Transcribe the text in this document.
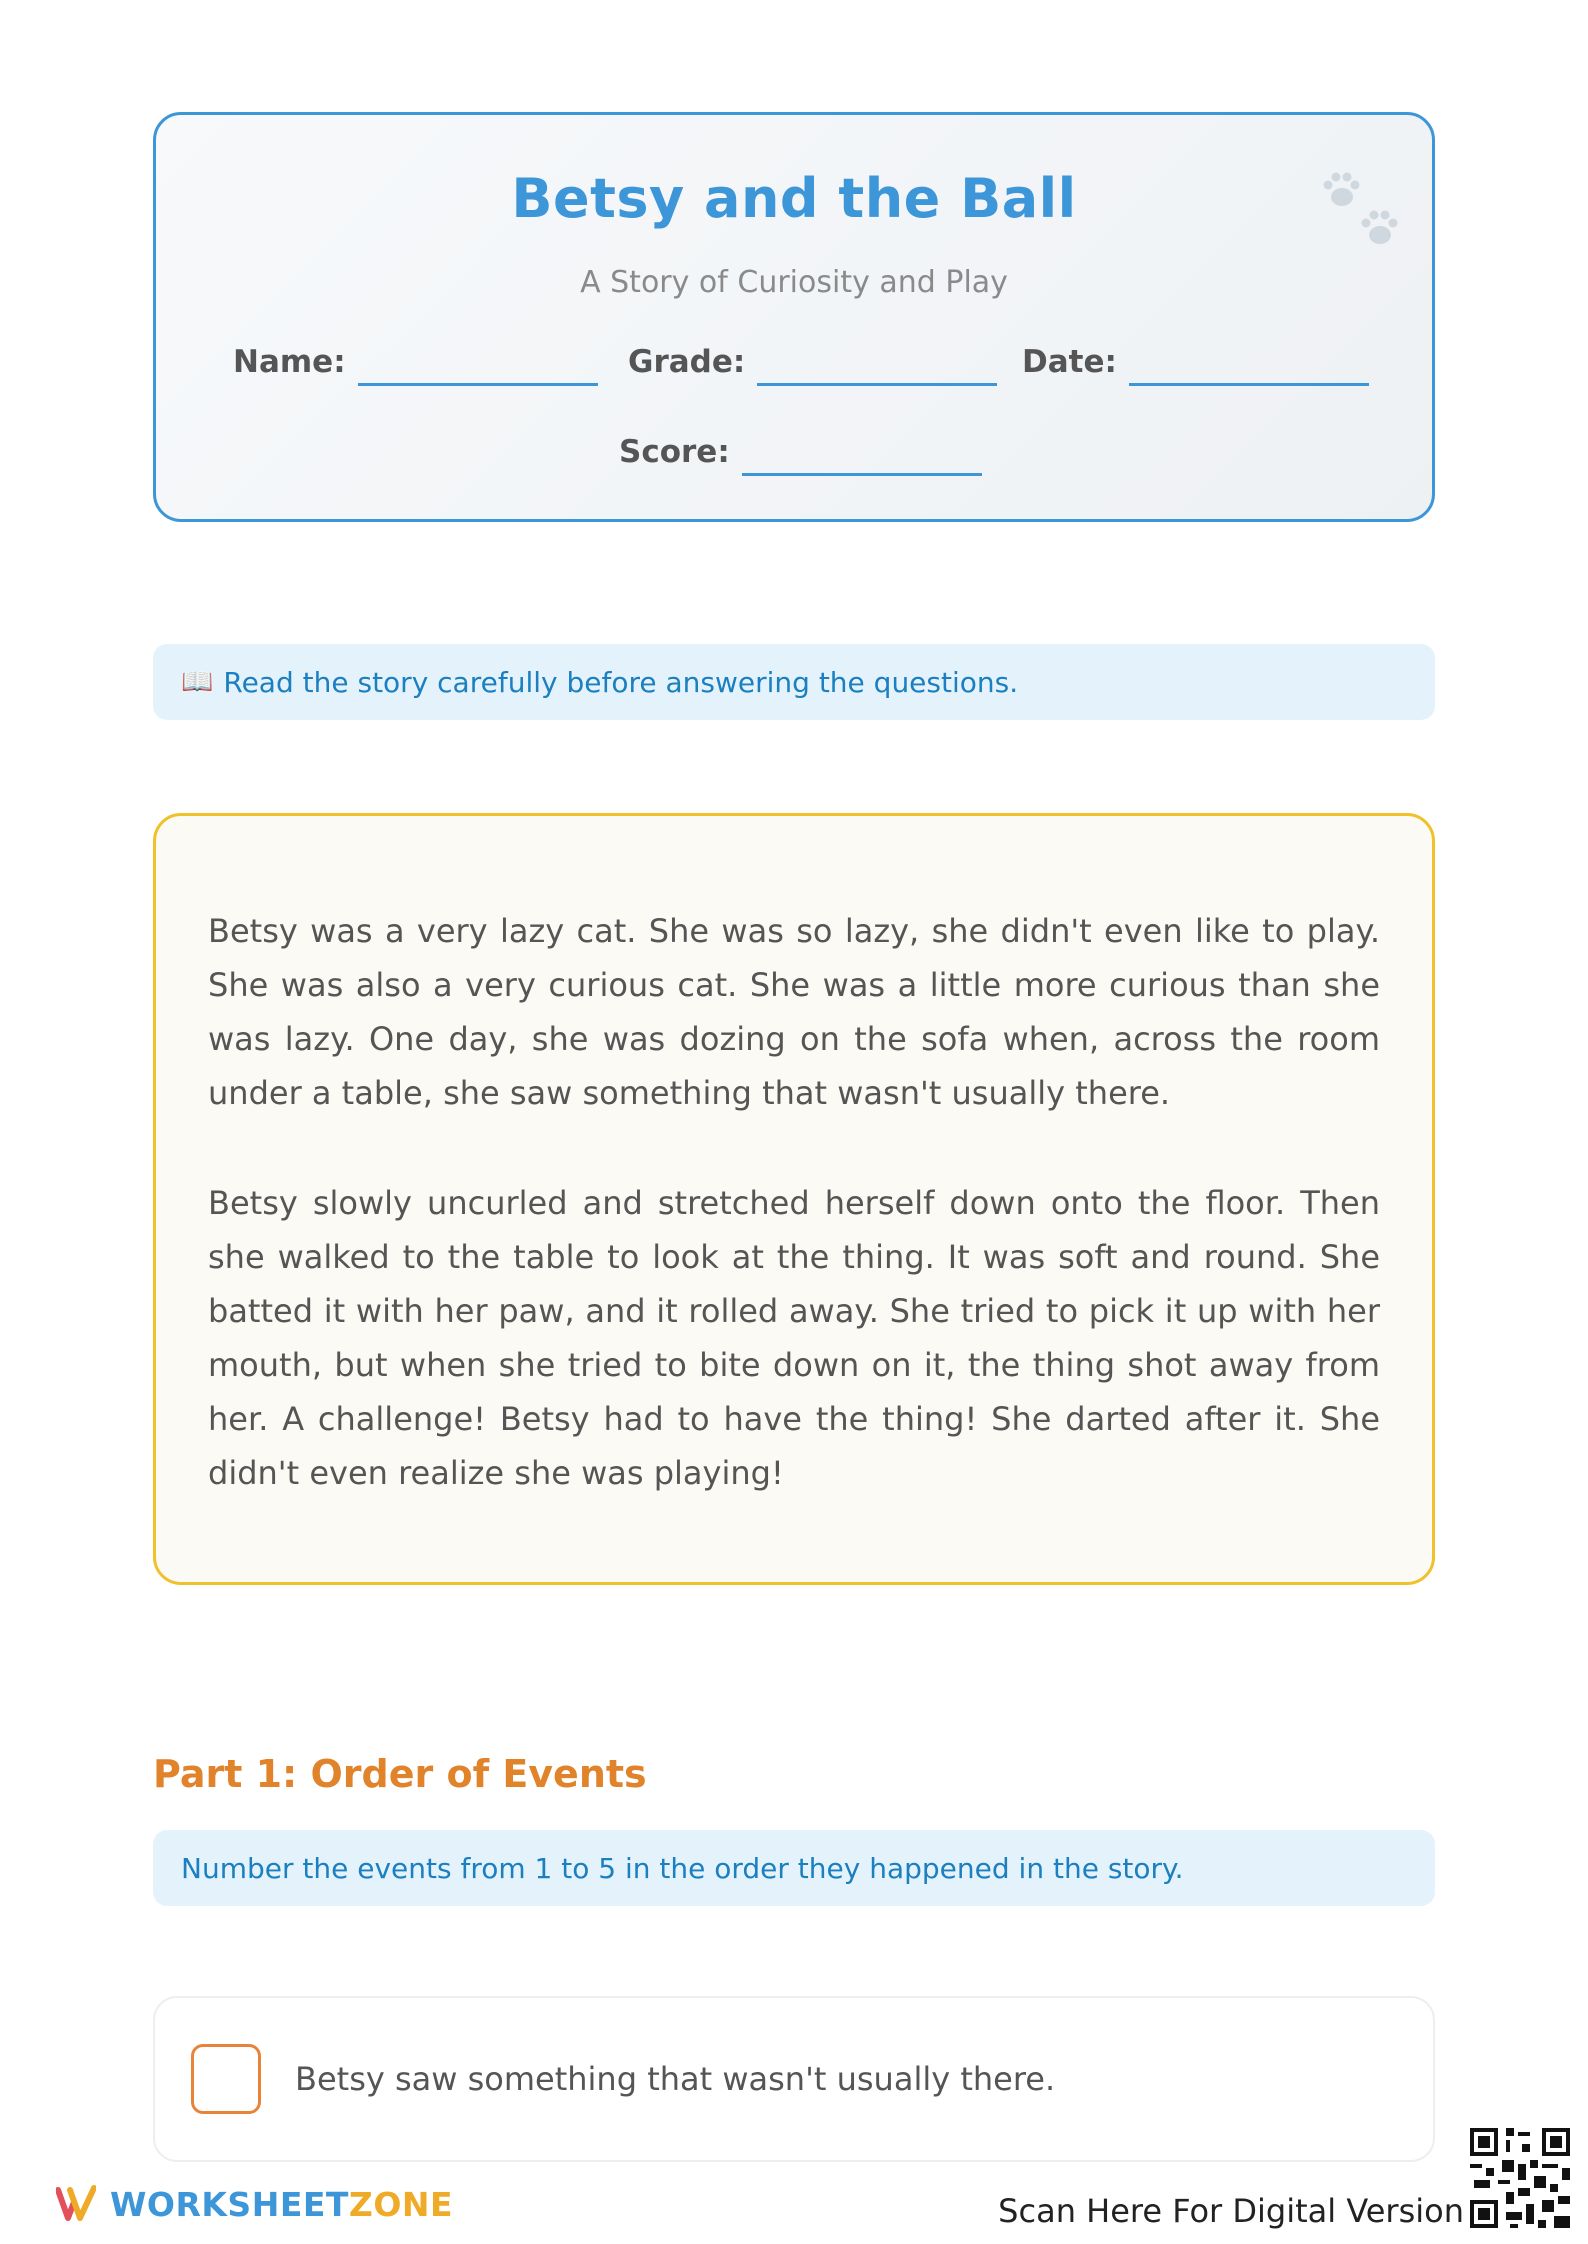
Betsy and the Ball
A Story of Curiosity and Play
Name:	Grade:	Date:
Score:
📖 Read the story carefully before answering the questions.

Betsy was a very lazy cat. She was so lazy, she didn't even like to play. She was also a very curious cat. She was a little more curious than she was lazy. One day, she was dozing on the sofa when, across the room under a table, she saw something that wasn't usually there.

Betsy slowly uncurled and stretched herself down onto the floor. Then she walked to the table to look at the thing. It was soft and round. She batted it with her paw, and it rolled away. She tried to pick it up with her mouth, but when she tried to bite down on it, the thing shot away from her. A challenge! Betsy had to have the thing! She darted after it. She didn't even realize she was playing!

Part 1: Order of Events
Number the events from 1 to 5 in the order they happened in the story.
Betsy saw something that wasn't usually there.
WORKSHEETZONE	Scan Here For Digital Version
